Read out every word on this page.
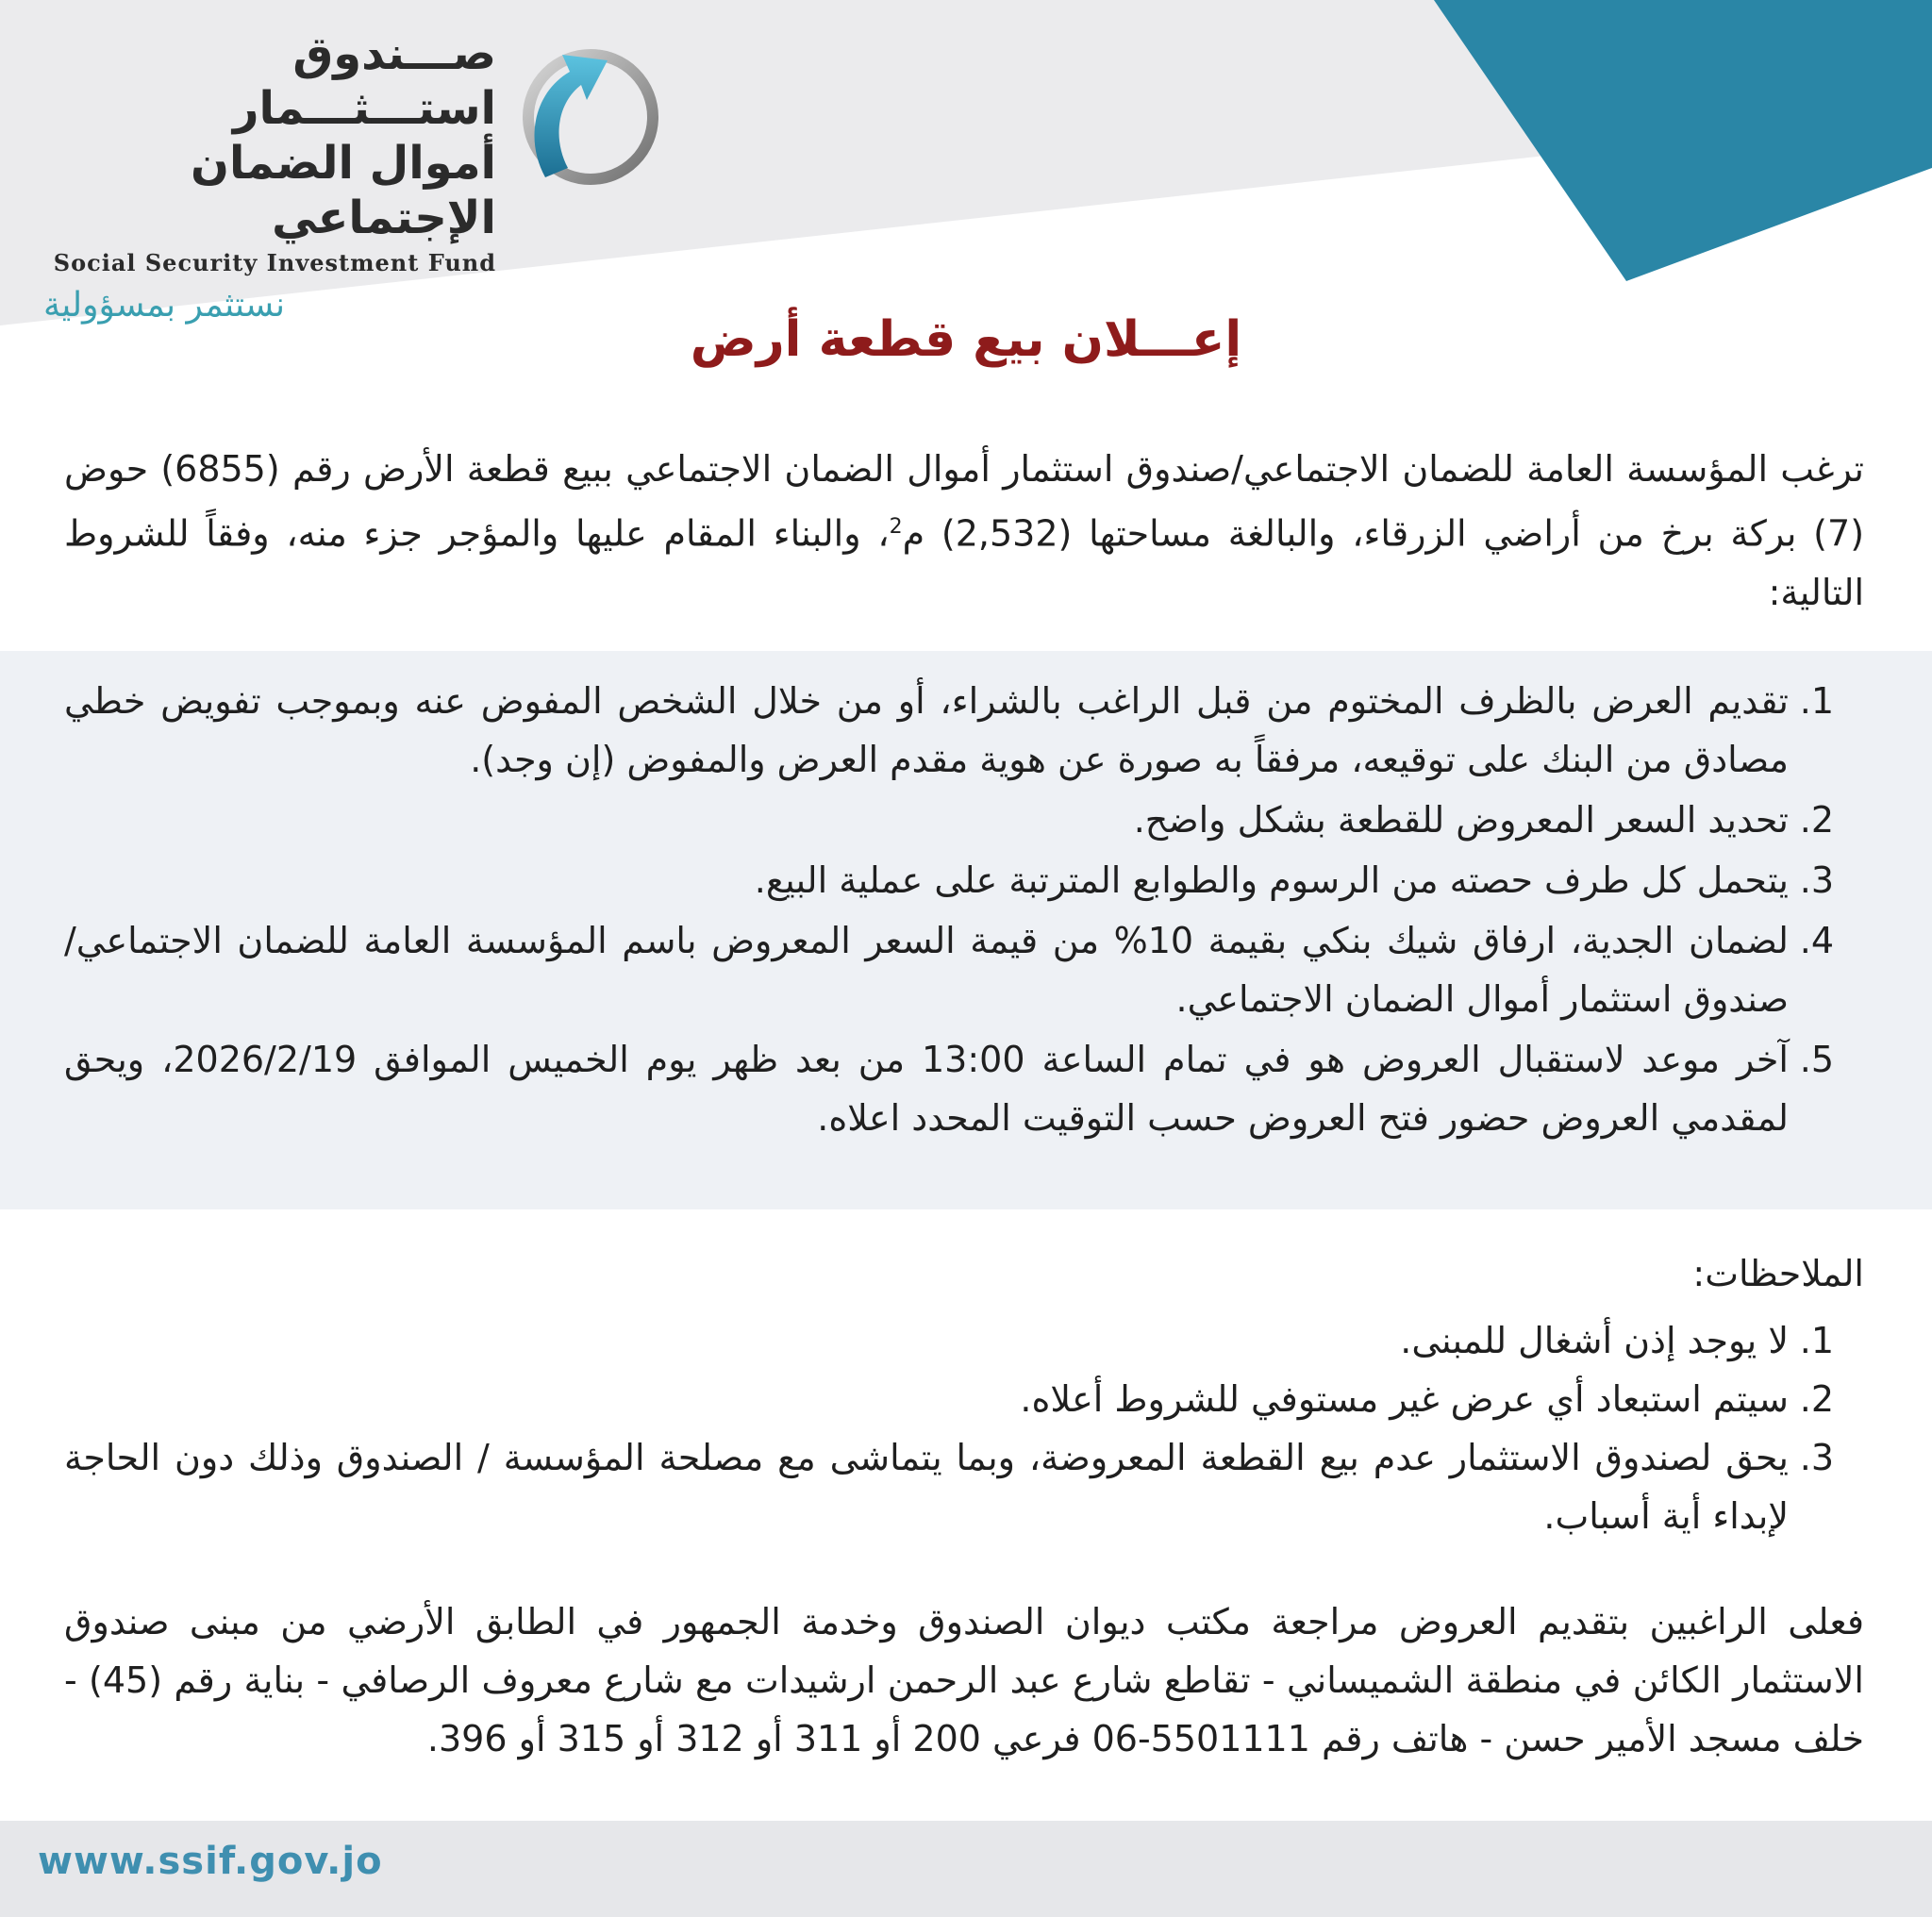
صـــندوق استـــثـــمار
أموال الضمان الإجتماعي
Social Security Investment Fund
نستثمر بمسؤولية
إعـــلان بيع قطعة أرض
ترغب المؤسسة العامة للضمان الاجتماعي/صندوق استثمار أموال الضمان الاجتماعي ببيع قطعة الأرض رقم (6855) حوض (7) بركة برخ من أراضي الزرقاء، والبالغة مساحتها (2,532) م$^2$، والبناء المقام عليها والمؤجر جزء منه، وفقاً للشروط التالية:
1.
تقديم العرض بالظرف المختوم من قبل الراغب بالشراء، أو من خلال الشخص المفوض عنه وبموجب تفويض خطي مصادق من البنك على توقيعه، مرفقاً به صورة عن هوية مقدم العرض والمفوض (إن وجد).
2.
تحديد السعر المعروض للقطعة بشكل واضح.
3.
يتحمل كل طرف حصته من الرسوم والطوابع المترتبة على عملية البيع.
4.
لضمان الجدية، ارفاق شيك بنكي بقيمة 10% من قيمة السعر المعروض باسم المؤسسة العامة للضمان الاجتماعي/صندوق استثمار أموال الضمان الاجتماعي.
5.
آخر موعد لاستقبال العروض هو في تمام الساعة 13:00 من بعد ظهر يوم الخميس الموافق 2026/2/19، ويحق لمقدمي العروض حضور فتح العروض حسب التوقيت المحدد اعلاه.
الملاحظات:
1.
لا يوجد إذن أشغال للمبنى.
2.
سيتم استبعاد أي عرض غير مستوفي للشروط أعلاه.
3.
يحق لصندوق الاستثمار عدم بيع القطعة المعروضة، وبما يتماشى مع مصلحة المؤسسة / الصندوق وذلك دون الحاجة لإبداء أية أسباب.
فعلى الراغبين بتقديم العروض مراجعة مكتب ديوان الصندوق وخدمة الجمهور في الطابق الأرضي من مبنى صندوق الاستثمار الكائن في منطقة الشميساني - تقاطع شارع عبد الرحمن ارشيدات مع شارع معروف الرصافي - بناية رقم (45) - خلف مسجد الأمير حسن - هاتف رقم 5501111-06 فرعي 200 أو 311 أو 312 أو 315 أو 396.
www.ssif.gov.jo
